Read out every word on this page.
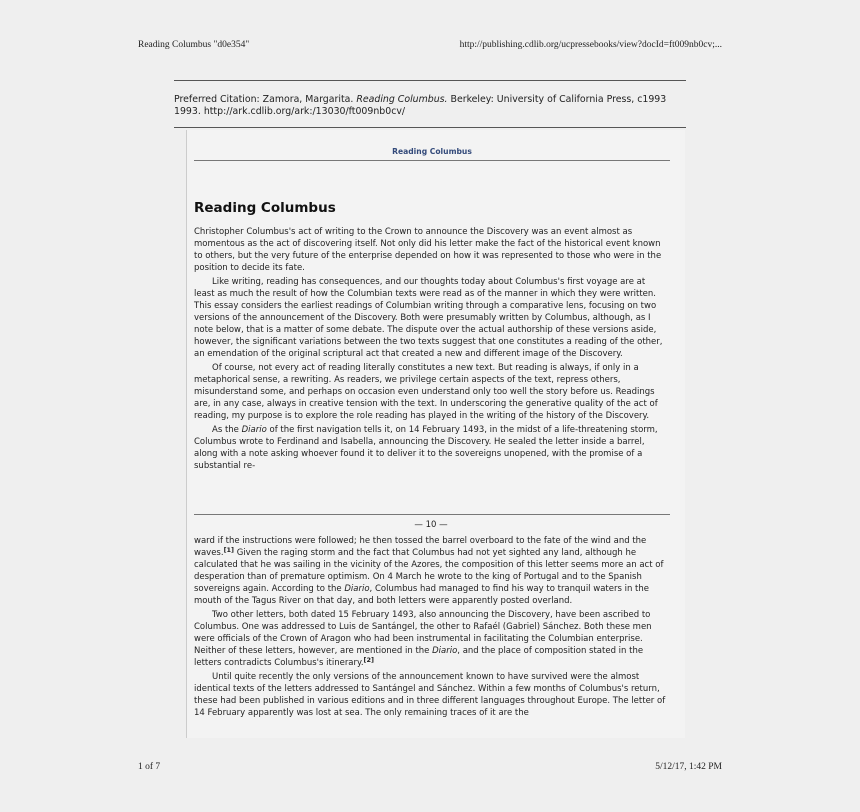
Reading Columbus "d0e354"	http://publishing.cdlib.org/ucpressebooks/view?docId=ft009nb0cv;...
Preferred Citation: Zamora, Margarita. Reading Columbus. Berkeley: University of California Press, c1993 1993. http://ark.cdlib.org/ark:/13030/ft009nb0cv/
Reading Columbus
Reading Columbus

Christopher Columbus's act of writing to the Crown to announce the Discovery was an event almost as momentous as the act of discovering itself. Not only did his letter make the fact of the historical event known to others, but the very future of the enterprise depended on how it was represented to those who were in the position to decide its fate.

Like writing, reading has consequences, and our thoughts today about Columbus's first voyage are at least as much the result of how the Columbian texts were read as of the manner in which they were written. This essay considers the earliest readings of Columbian writing through a comparative lens, focusing on two versions of the announcement of the Discovery. Both were presumably written by Columbus, although, as I note below, that is a matter of some debate. The dispute over the actual authorship of these versions aside, however, the significant variations between the two texts suggest that one constitutes a reading of the other, an emendation of the original scriptural act that created a new and different image of the Discovery.

Of course, not every act of reading literally constitutes a new text. But reading is always, if only in a metaphorical sense, a rewriting. As readers, we privilege certain aspects of the text, repress others, misunderstand some, and perhaps on occasion even understand only too well the story before us. Readings are, in any case, always in creative tension with the text. In underscoring the generative quality of the act of reading, my purpose is to explore the role reading has played in the writing of the history of the Discovery.

As the Diario of the first navigation tells it, on 14 February 1493, in the midst of a life-threatening storm, Columbus wrote to Ferdinand and Isabella, announcing the Discovery. He sealed the letter inside a barrel, along with a note asking whoever found it to deliver it to the sovereigns unopened, with the promise of a substantial re-

— 10 —

ward if the instructions were followed; he then tossed the barrel overboard to the fate of the wind and the waves.[1] Given the raging storm and the fact that Columbus had not yet sighted any land, although he calculated that he was sailing in the vicinity of the Azores, the composition of this letter seems more an act of desperation than of premature optimism. On 4 March he wrote to the king of Portugal and to the Spanish sovereigns again. According to the Diario, Columbus had managed to find his way to tranquil waters in the mouth of the Tagus River on that day, and both letters were apparently posted overland.

Two other letters, both dated 15 February 1493, also announcing the Discovery, have been ascribed to Columbus. One was addressed to Luis de Santángel, the other to Rafaél (Gabriel) Sánchez. Both these men were officials of the Crown of Aragon who had been instrumental in facilitating the Columbian enterprise. Neither of these letters, however, are mentioned in the Diario, and the place of composition stated in the letters contradicts Columbus's itinerary.[2]

Until quite recently the only versions of the announcement known to have survived were the almost identical texts of the letters addressed to Santángel and Sánchez. Within a few months of Columbus's return, these had been published in various editions and in three different languages throughout Europe. The letter of 14 February apparently was lost at sea. The only remaining traces of it are the

1 of 7	5/12/17, 1:42 PM
